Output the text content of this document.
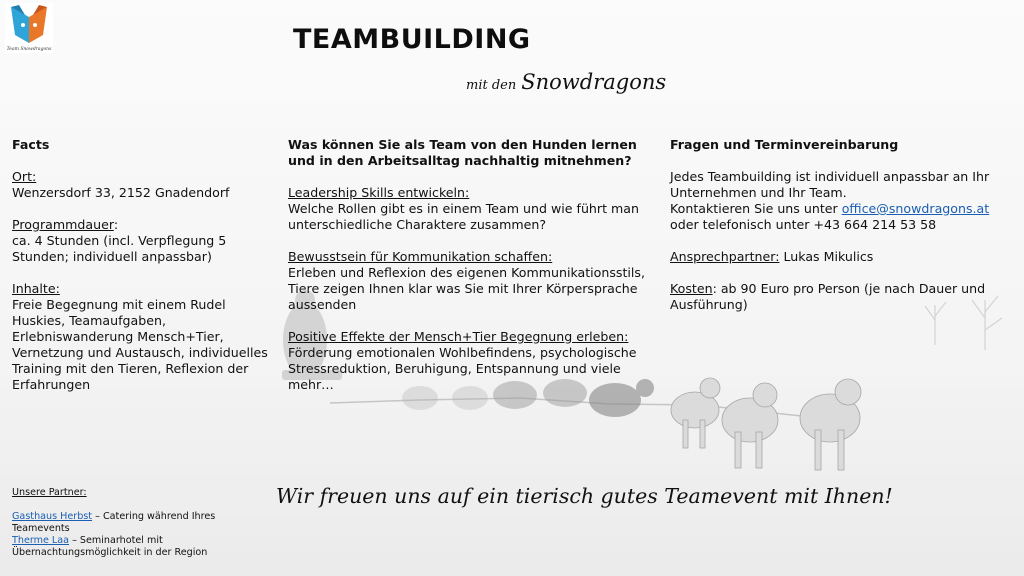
Team Snowdragons	TEAMBUILDING
mit den Snowdragons
Facts
Ort:
Wenzersdorf 33, 2152 Gnadendorf
Programmdauer:
ca. 4 Stunden (incl. Verpflegung 5 Stunden; individuell anpassbar)
Inhalte:
Freie Begegnung mit einem Rudel Huskies, Teamaufgaben, Erlebniswanderung Mensch+Tier, Vernetzung und Austausch, individuelles Training mit den Tieren, Reflexion der Erfahrungen
Was können Sie als Team von den Hunden lernen und in den Arbeitsalltag nachhaltig mitnehmen?
Leadership Skills entwickeln:
Welche Rollen gibt es in einem Team und wie führt man unterschiedliche Charaktere zusammen?
Bewusstsein für Kommunikation schaffen:
Erleben und Reflexion des eigenen Kommunikationsstils, Tiere zeigen Ihnen klar was Sie mit Ihrer Körpersprache aussenden
Positive Effekte der Mensch+Tier Begegnung erleben:
Förderung emotionalen Wohlbefindens, psychologische Stressreduktion, Beruhigung, Entspannung und viele mehr…
Fragen und Terminvereinbarung
Jedes Teambuilding ist individuell anpassbar an Ihr Unternehmen und Ihr Team.
Kontaktieren Sie uns unter office@snowdragons.at oder telefonisch unter +43 664 214 53 58
Ansprechpartner: Lukas Mikulics
Kosten: ab 90 Euro pro Person (je nach Dauer und Ausführung)
Wir freuen uns auf ein tierisch gutes Teamevent mit Ihnen!
Unsere Partner:
Gasthaus Herbst – Catering während Ihres Teamevents
Therme Laa – Seminarhotel mit Übernachtungsmöglichkeit in der Region
